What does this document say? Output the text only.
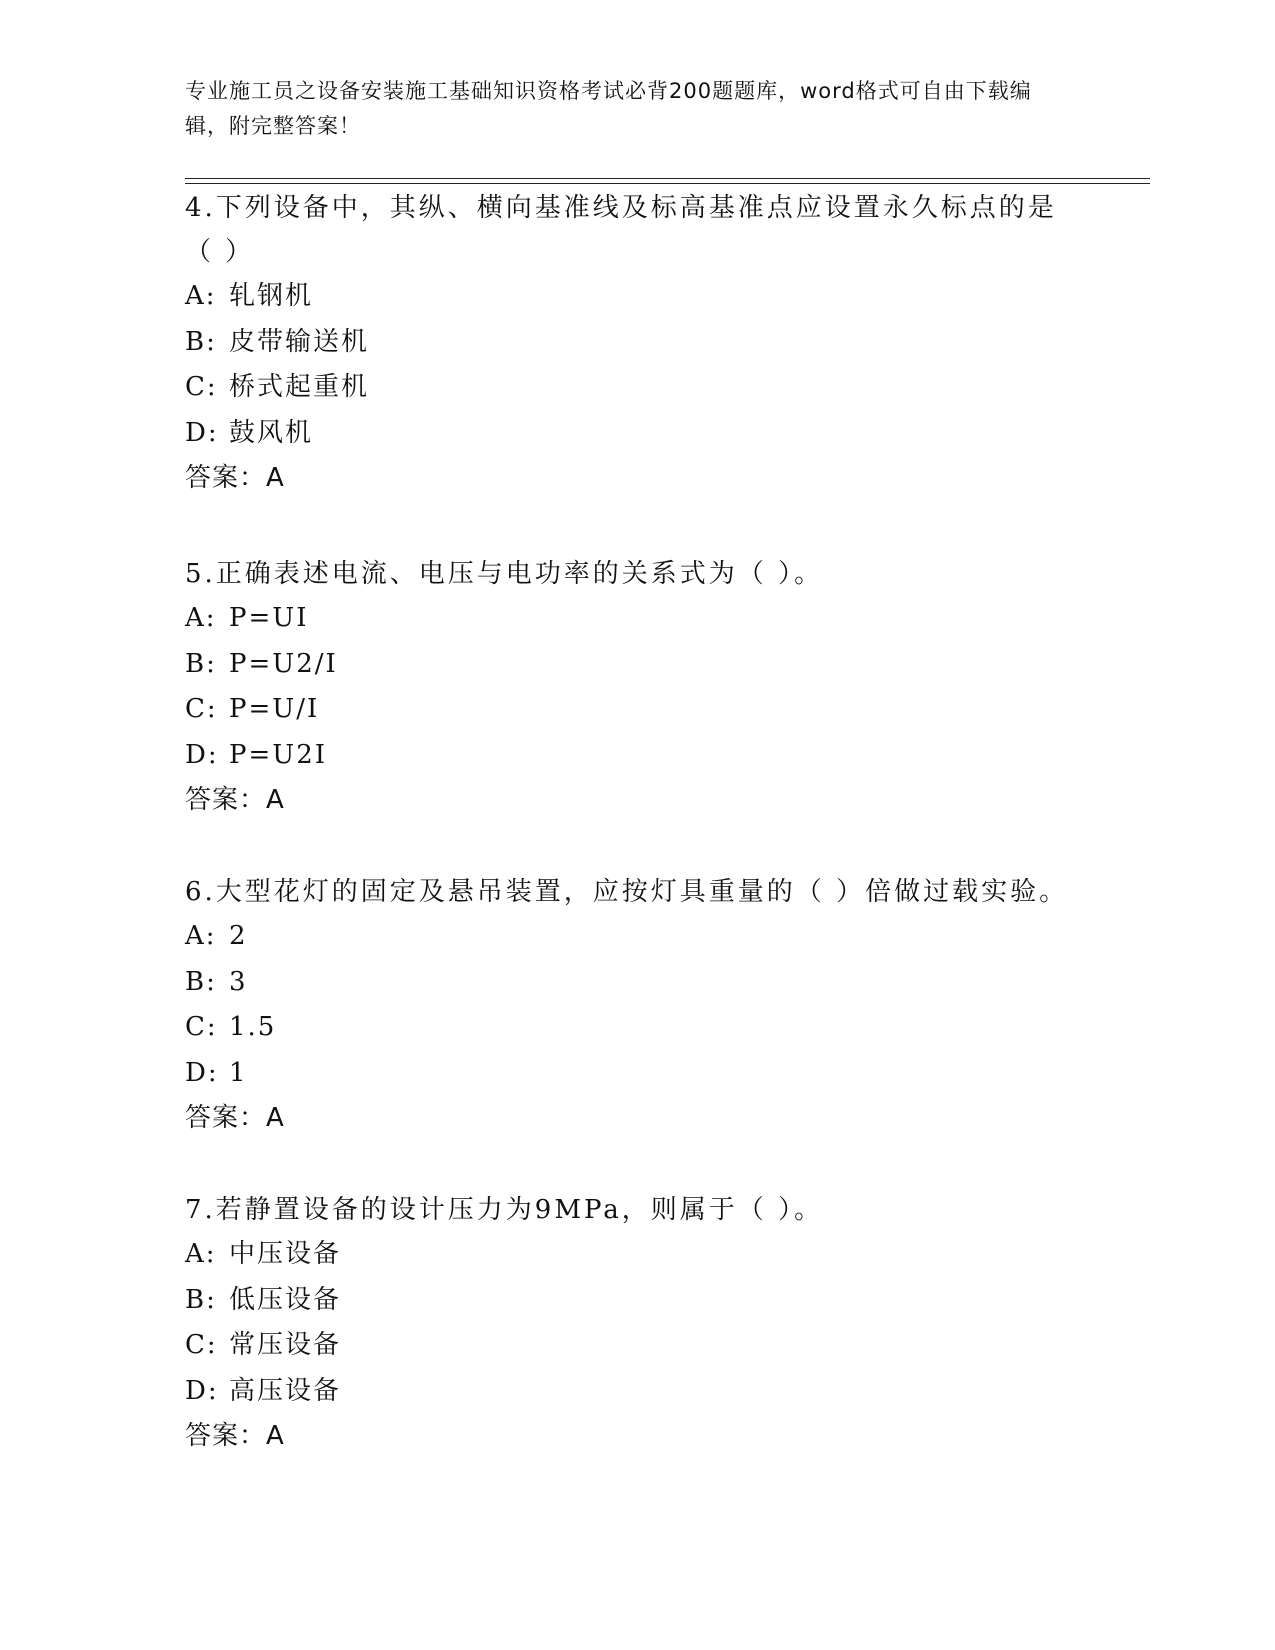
专业施工员之设备安装施工基础知识资格考试必背200题题库，word格式可自由下载编辑，附完整答案！

4.下列设备中，其纵、横向基准线及标高基准点应设置永久标点的是（ ）

A: 轧钢机

B: 皮带输送机

C: 桥式起重机

D: 鼓风机

答案：A

5.正确表述电流、电压与电功率的关系式为（ ）。

A: P=UI

B: P=U2/I

C: P=U/I

D: P=U2I

答案：A

6.大型花灯的固定及悬吊装置，应按灯具重量的（ ）倍做过载实验。

A: 2

B: 3

C: 1.5

D: 1

答案：A

7.若静置设备的设计压力为9MPa，则属于（ ）。

A: 中压设备

B: 低压设备

C: 常压设备

D: 高压设备

答案：A
